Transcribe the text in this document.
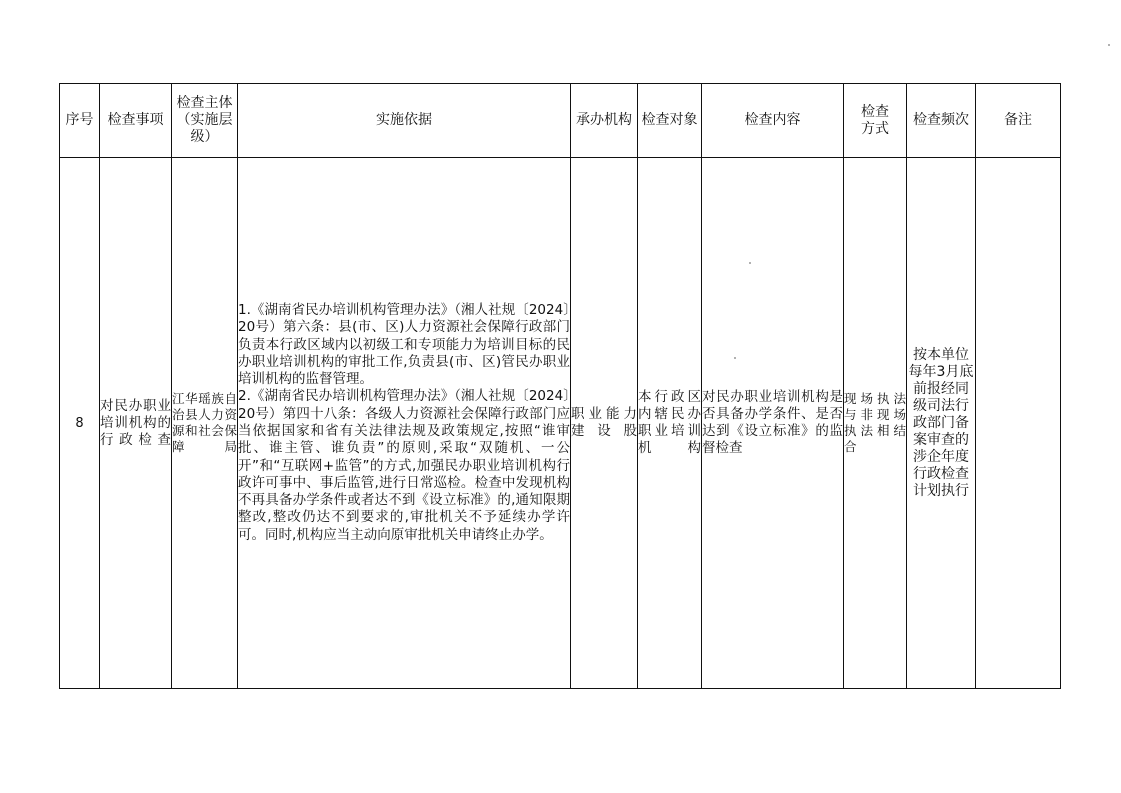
序号	检查事项	检查主体（实施层级）	实施依据	承办机构	检查对象	检查内容	检查方式	检查频次	备注
8	对民办职业培训机构的行政检查	江华瑶族自治县人力资源和社会保障局	1.《湖南省民办培训机构管理办法》（湘人社规〔2024〕20号）第六条：县(市、区)人力资源社会保障行政部门负责本行政区域内以初级工和专项能力为培训目标的民办职业培训机构的审批工作,负责县(市、区)管民办职业培训机构的监督管理。
2.《湖南省民办培训机构管理办法》（湘人社规〔2024〕20号）第四十八条：各级人力资源社会保障行政部门应当依据国家和省有关法律法规及政策规定,按照“谁审批、谁主管、谁负责”的原则,采取“双随机、一公开”和“互联网+监管”的方式,加强民办职业培训机构行政许可事中、事后监管,进行日常巡检。检查中发现机构不再具备办学条件或者达不到《设立标准》的,通知限期整改,整改仍达不到要求的,审批机关不予延续办学许可。同时,机构应当主动向原审批机关申请终止办学。	职业能力建设股	本行政区内辖民办职业培训机构	对民办职业培训机构是否具备办学条件、是否达到《设立标准》的监督检查	现场执法与非现场执法相结合	按本单位每年3月底前报经同级司法行政部门备案审查的涉企年度行政检查计划执行	
